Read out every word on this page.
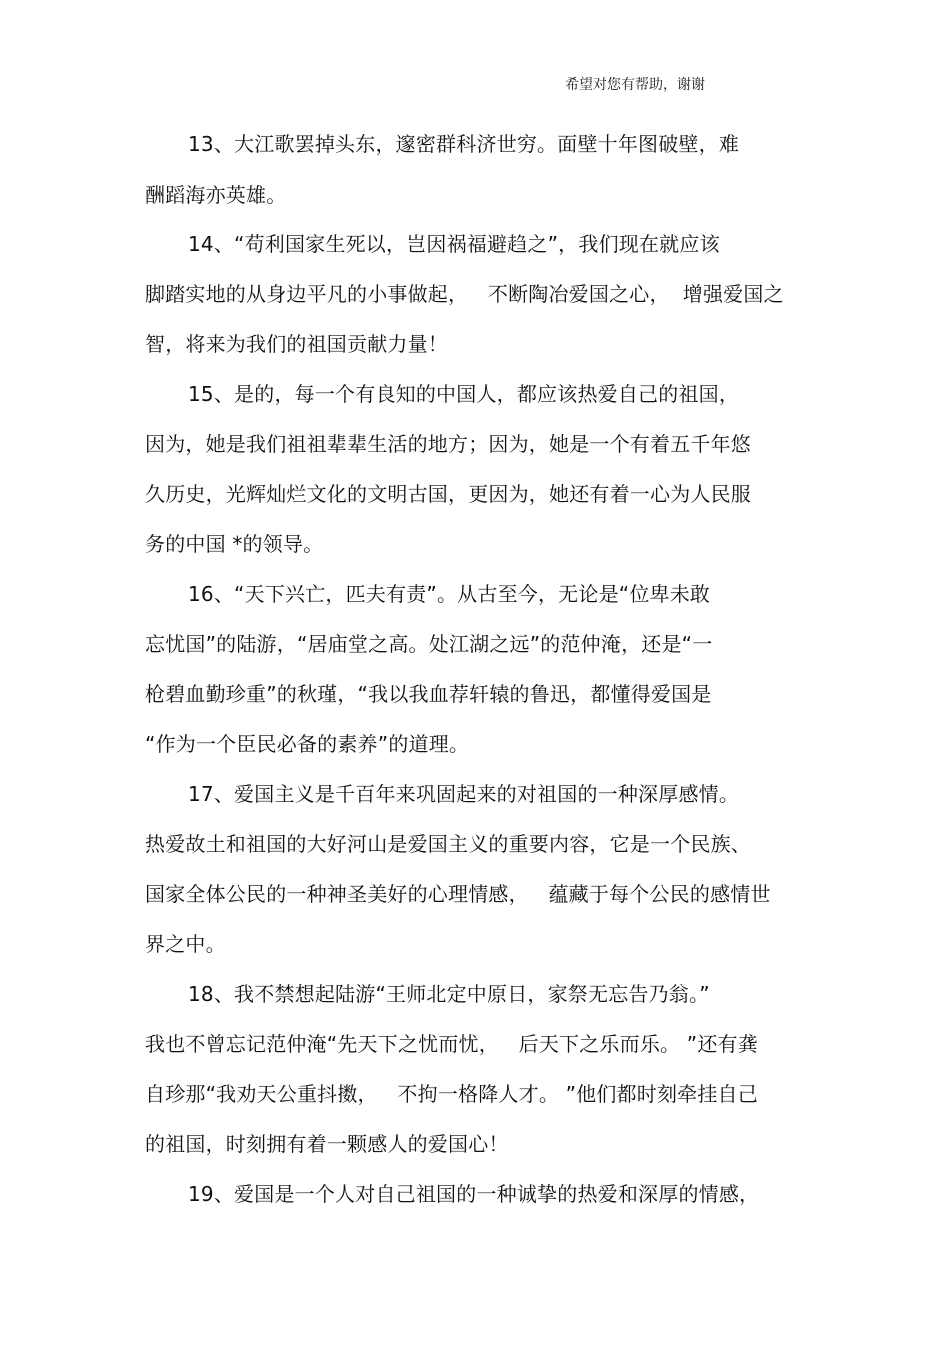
希望对您有帮助，谢谢
13、大江歌罢掉头东，邃密群科济世穷。面壁十年图破壁，难
酬蹈海亦英雄。
14、“苟利国家生死以，岂因祸福避趋之”，我们现在就应该
脚踏实地的从身边平凡的小事做起，   不断陶冶爱国之心，  增强爱国之
智，将来为我们的祖国贡献力量！
15、是的，每一个有良知的中国人，都应该热爱自己的祖国，
因为，她是我们祖祖辈辈生活的地方；因为，她是一个有着五千年悠
久历史，光辉灿烂文化的文明古国，更因为，她还有着一心为人民服
务的中国 *的领导。
16、“天下兴亡，匹夫有责”。从古至今，无论是“位卑未敢
忘忧国”的陆游，“居庙堂之高。处江湖之远”的范仲淹，还是“一
枪碧血勤珍重”的秋瑾，“我以我血荐轩辕的鲁迅，都懂得爱国是
“作为一个臣民必备的素养”的道理。
17、爱国主义是千百年来巩固起来的对祖国的一种深厚感情。
热爱故土和祖国的大好河山是爱国主义的重要内容，它是一个民族、
国家全体公民的一种神圣美好的心理情感，   蕴藏于每个公民的感情世
界之中。
18、我不禁想起陆游“王师北定中原日，家祭无忘告乃翁。”
我也不曾忘记范仲淹“先天下之忧而忧，   后天下之乐而乐。 ”还有龚
自珍那“我劝天公重抖擞，   不拘一格降人才。 ”他们都时刻牵挂自己
的祖国，时刻拥有着一颗感人的爱国心！
19、爱国是一个人对自己祖国的一种诚挚的热爱和深厚的情感，
